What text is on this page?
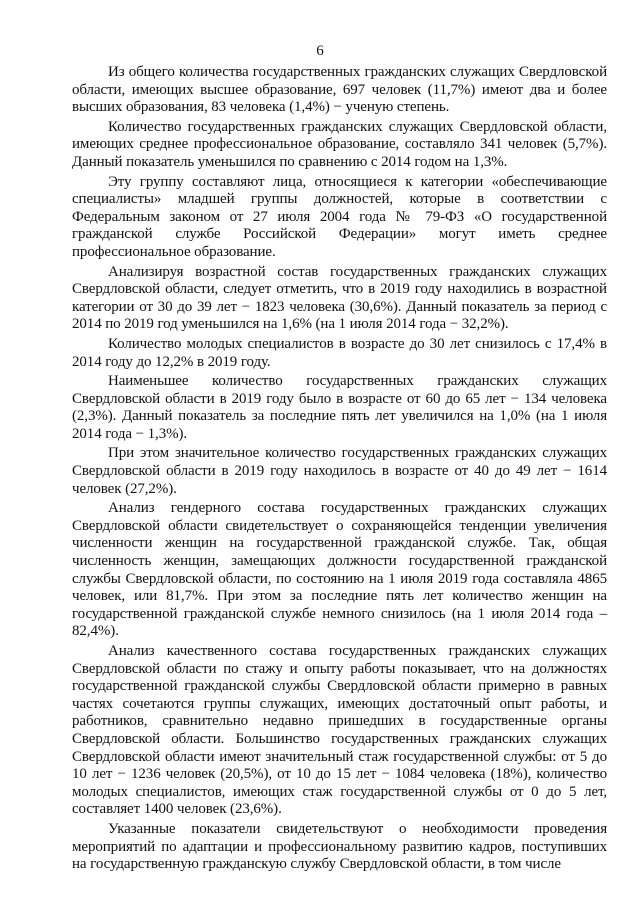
6

Из общего количества государственных гражданских служащих Свердловской области, имеющих высшее образование, 697 человек (11,7%) имеют два и более высших образования, 83 человека (1,4%) − ученую степень.

Количество государственных гражданских служащих Свердловской области, имеющих среднее профессиональное образование, составляло 341 человек (5,7%). Данный показатель уменьшился по сравнению с 2014 годом на 1,3%.

Эту группу составляют лица, относящиеся к категории «обеспечивающие специалисты» младшей группы должностей, которые в соответствии с Федеральным законом от 27 июля 2004 года № 79-ФЗ «О государственной гражданской службе Российской Федерации» могут иметь среднее профессиональное образование.

Анализируя возрастной состав государственных гражданских служащих Свердловской области, следует отметить, что в 2019 году находились в возрастной категории от 30 до 39 лет − 1823 человека (30,6%). Данный показатель за период с 2014 по 2019 год уменьшился на 1,6% (на 1 июля 2014 года − 32,2%).

Количество молодых специалистов в возрасте до 30 лет снизилось с 17,4% в 2014 году до 12,2% в 2019 году.

Наименьшее количество государственных гражданских служащих Свердловской области в 2019 году было в возрасте от 60 до 65 лет − 134 человека (2,3%). Данный показатель за последние пять лет увеличился на 1,0% (на 1 июля 2014 года − 1,3%).

При этом значительное количество государственных гражданских служащих Свердловской области в 2019 году находилось в возрасте от 40 до 49 лет − 1614 человек (27,2%).

Анализ гендерного состава государственных гражданских служащих Свердловской области свидетельствует о сохраняющейся тенденции увеличения численности женщин на государственной гражданской службе. Так, общая численность женщин, замещающих должности государственной гражданской службы Свердловской области, по состоянию на 1 июля 2019 года составляла 4865 человек, или 81,7%. При этом за последние пять лет количество женщин на государственной гражданской службе немного снизилось (на 1 июля 2014 года – 82,4%).

Анализ качественного состава государственных гражданских служащих Свердловской области по стажу и опыту работы показывает, что на должностях государственной гражданской службы Свердловской области примерно в равных частях сочетаются группы служащих, имеющих достаточный опыт работы, и работников, сравнительно недавно пришедших в государственные органы Свердловской области. Большинство государственных гражданских служащих Свердловской области имеют значительный стаж государственной службы: от 5 до 10 лет − 1236 человек (20,5%), от 10 до 15 лет − 1084 человека (18%), количество молодых специалистов, имеющих стаж государственной службы от 0 до 5 лет, составляет 1400 человек (23,6%).

Указанные показатели свидетельствуют о необходимости проведения мероприятий по адаптации и профессиональному развитию кадров, поступивших на государственную гражданскую службу Свердловской области, в том числе
